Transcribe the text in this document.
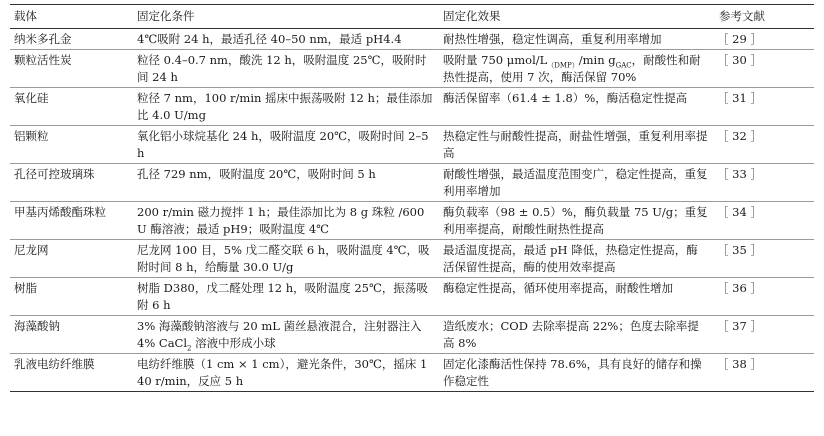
载体	固定化条件	固定化效果	参考文献
纳米多孔金	4℃吸附 24 h，最适孔径 40–50 nm，最适 pH4.4	耐热性增强，稳定性调高，重复利用率增加	［ 29 ］
颗粒活性炭	粒径 0.4–0.7 nm，酸洗 12 h，吸附温度 25℃，吸附时间 24 h	吸附量 750 μmol/$L_{(DMP)}/\min$ $g_{GAC}$，耐酸性和耐热性提高，使用 7 次，酶活保留 70%	［ 30 ］
氧化硅	粒径 7 nm，100 r/min 摇床中振荡吸附 12 h；最佳添加比 4.0 U/mg	酶活保留率（61.4 ± 1.8）%，酶活稳定性提高	［ 31 ］
铝颗粒	氧化铝小球烷基化 24 h，吸附温度 20℃，吸附时间 2–5 h	热稳定性与耐酸性提高，耐盐性增强，重复利用率提高	［ 32 ］
孔径可控玻璃珠	孔径 729 nm，吸附温度 20℃，吸附时间 5 h	耐酸性增强，最适温度范围变广，稳定性提高，重复利用率增加	［ 33 ］
甲基丙烯酸酯珠粒	200 r/min 磁力搅拌 1 h；最佳添加比为 8 g 珠粒 /600 U 酶溶液；最适 pH9；吸附温度 4℃	酶负载率（98 ± 0.5）%，酶负载量 75 U/g；重复利用率提高，耐酸性耐热性提高	［ 34 ］
尼龙网	尼龙网 100 目，5% 戊二醛交联 6 h，吸附温度 4℃，吸附时间 8 h，给酶量 30.0 U/g	最适温度提高，最适 pH 降低，热稳定性提高，酶活保留性提高，酶的使用效率提高	［ 35 ］
树脂	树脂 D380，戊二醛处理 12 h，吸附温度 25℃，振荡吸附 6 h	酶稳定性提高，循环使用率提高，耐酸性增加	［ 36 ］
海藻酸钠	3% 海藻酸钠溶液与 20 mL 菌丝悬液混合，注射器注入 4% CaCl$_2$ 溶液中形成小球	造纸废水；COD 去除率提高 22%；色度去除率提高 8%	［ 37 ］
乳液电纺纤维膜	电纺纤维膜（1 cm × 1 cm），避光条件，30℃，摇床 140 r/min，反应 5 h	固定化漆酶活性保持 78.6%，具有良好的储存和操作稳定性	［ 38 ］
